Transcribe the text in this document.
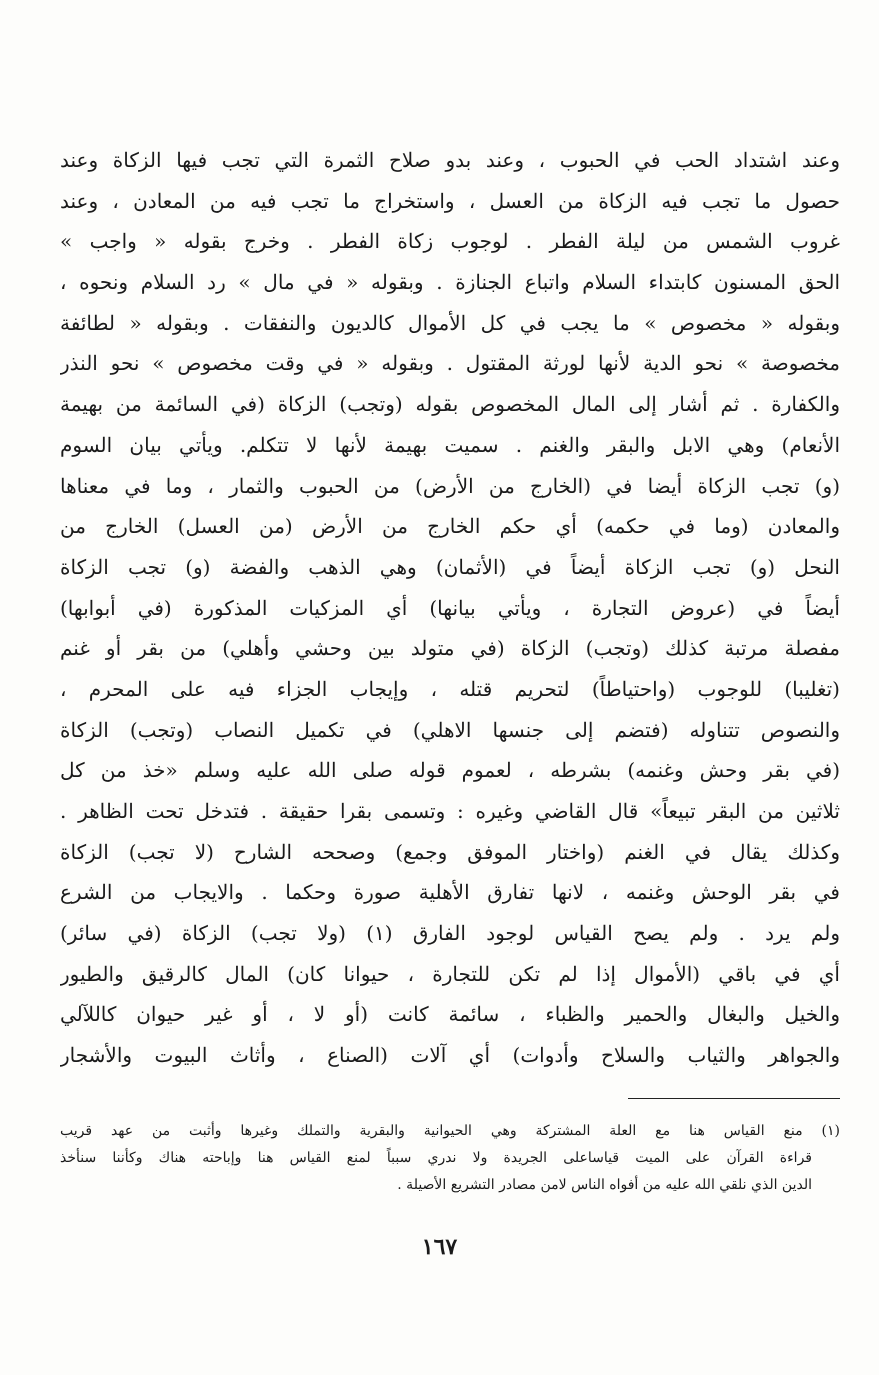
وعند اشتداد الحب في الحبوب ، وعند بدو صلاح الثمرة التي تجب فيها الزكاة وعند
حصول ما تجب فيه الزكاة من العسل ، واستخراج ما تجب فيه من المعادن ، وعند
غروب الشمس من ليلة الفطر . لوجوب زكاة الفطر . وخرج بقوله « واجب »
الحق المسنون كابتداء السلام واتباع الجنازة . وبقوله « في مال » رد السلام ونحوه ،
وبقوله « مخصوص » ما يجب في كل الأموال كالديون والنفقات . وبقوله « لطائفة
مخصوصة » نحو الدية لأنها لورثة المقتول . وبقوله « في وقت مخصوص » نحو النذر
والكفارة . ثم أشار إلى المال المخصوص بقوله (وتجب) الزكاة (في السائمة من بهيمة
الأنعام) وهي الابل والبقر والغنم . سميت بهيمة لأنها لا تتكلم. ويأتي بيان السوم
(و) تجب الزكاة أيضا في (الخارج من الأرض) من الحبوب والثمار ، وما في معناها
والمعادن (وما في حكمه) أي حكم الخارج من الأرض (من العسل) الخارج من
النحل (و) تجب الزكاة أيضاً في (الأثمان) وهي الذهب والفضة (و) تجب الزكاة
أيضاً في (عروض التجارة ، ويأتي بيانها) أي المزكيات المذكورة (في أبوابها)
مفصلة مرتبة كذلك (وتجب) الزكاة (في متولد بين وحشي وأهلي) من بقر أو غنم
(تغليبا) للوجوب (واحتياطاً) لتحريم قتله ، وإيجاب الجزاء فيه على المحرم ،
والنصوص تتناوله (فتضم إلى جنسها الاهلي) في تكميل النصاب (وتجب) الزكاة
(في بقر وحش وغنمه) بشرطه ، لعموم قوله صلى الله عليه وسلم «خذ من كل
ثلاثين من البقر تبيعاً» قال القاضي وغيره : وتسمى بقرا حقيقة . فتدخل تحت الظاهر .
وكذلك يقال في الغنم (واختار الموفق وجمع) وصححه الشارح (لا تجب) الزكاة
في بقر الوحش وغنمه ، لانها تفارق الأهلية صورة وحكما . والايجاب من الشرع
ولم يرد . ولم يصح القياس لوجود الفارق (١) (ولا تجب) الزكاة (في سائر)
أي في باقي (الأموال إذا لم تكن للتجارة ، حيوانا كان) المال كالرقيق والطيور
والخيل والبغال والحمير والظباء ، سائمة كانت (أو لا ، أو غير حيوان كاللآلي
والجواهر والثياب والسلاح وأدوات) أي آلات (الصناع ، وأثاث البيوت والأشجار
(١) منع القياس هنا مع العلة المشتركة وهي الحيوانية والبقرية والتملك وغيرها وأثبت من عهد قريب
قراءة القرآن على الميت قياساعلى الجريدة ولا ندري سبباً لمنع القياس هنا وإباحته هناك وكأننا سنأخذ
الدين الذي نلقي الله عليه من أفواه الناس لامن مصادر التشريع الأصيلة .
١٦٧
